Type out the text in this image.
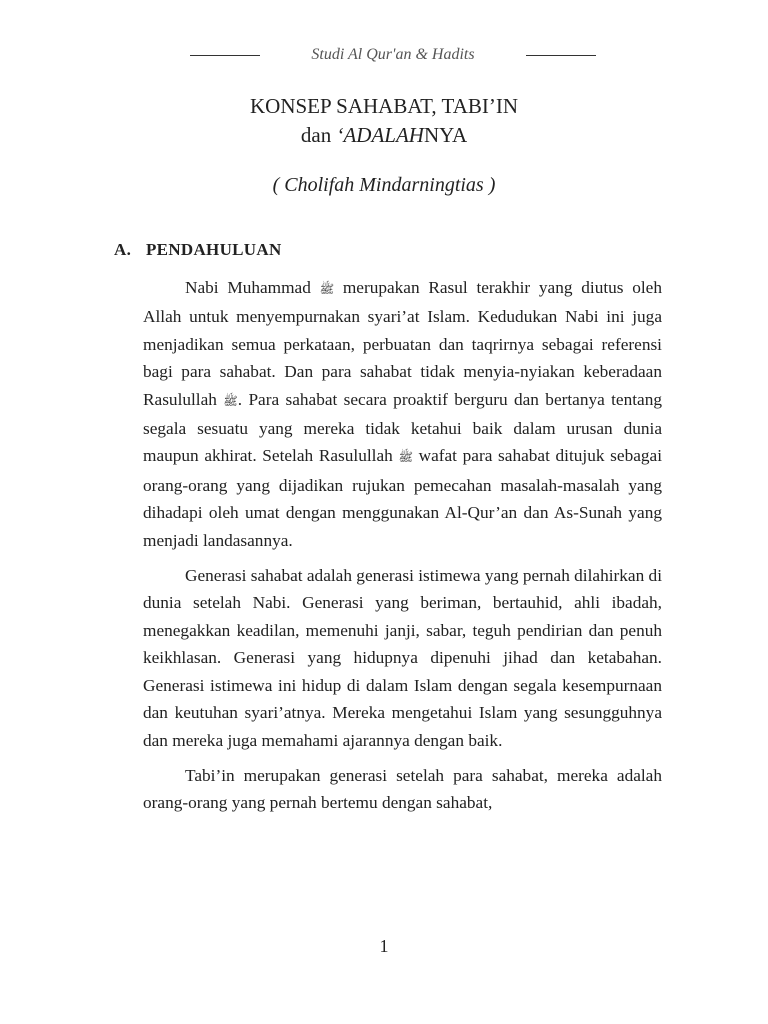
Studi Al Qur'an & Hadits
KONSEP SAHABAT, TABI’IN
dan ‘ADALAHNYA
( Cholifah Mindarningtias )
A. PENDAHULUAN

Nabi Muhammad ﷺ merupakan Rasul terakhir yang diutus oleh Allah untuk menyempurnakan syari’at Islam. Kedudukan Nabi ini juga menjadikan semua perkataan, perbuatan dan taqrirnya sebagai referensi bagi para sahabat. Dan para sahabat tidak menyia-nyiakan keberadaan Rasulullah ﷺ. Para sahabat secara proaktif berguru dan bertanya tentang segala sesuatu yang mereka tidak ketahui baik dalam urusan dunia maupun akhirat. Setelah Rasulullah ﷺ wafat para sahabat ditujuk sebagai orang-orang yang dijadikan rujukan pemecahan masalah-masalah yang dihadapi oleh umat dengan menggunakan Al-Qur’an dan As-Sunah yang menjadi landasannya.

Generasi sahabat adalah generasi istimewa yang pernah dilahirkan di dunia setelah Nabi. Generasi yang beriman, bertauhid, ahli ibadah, menegakkan keadilan, memenuhi janji, sabar, teguh pendirian dan penuh keikhlasan. Generasi yang hidupnya dipenuhi jihad dan ketabahan. Generasi istimewa ini hidup di dalam Islam dengan segala kesempurnaan dan keutuhan syari’atnya. Mereka mengetahui Islam yang sesungguhnya dan mereka juga memahami ajarannya dengan baik.

Tabi’in merupakan generasi setelah para sahabat, mereka adalah orang-orang yang pernah bertemu dengan sahabat,

1
